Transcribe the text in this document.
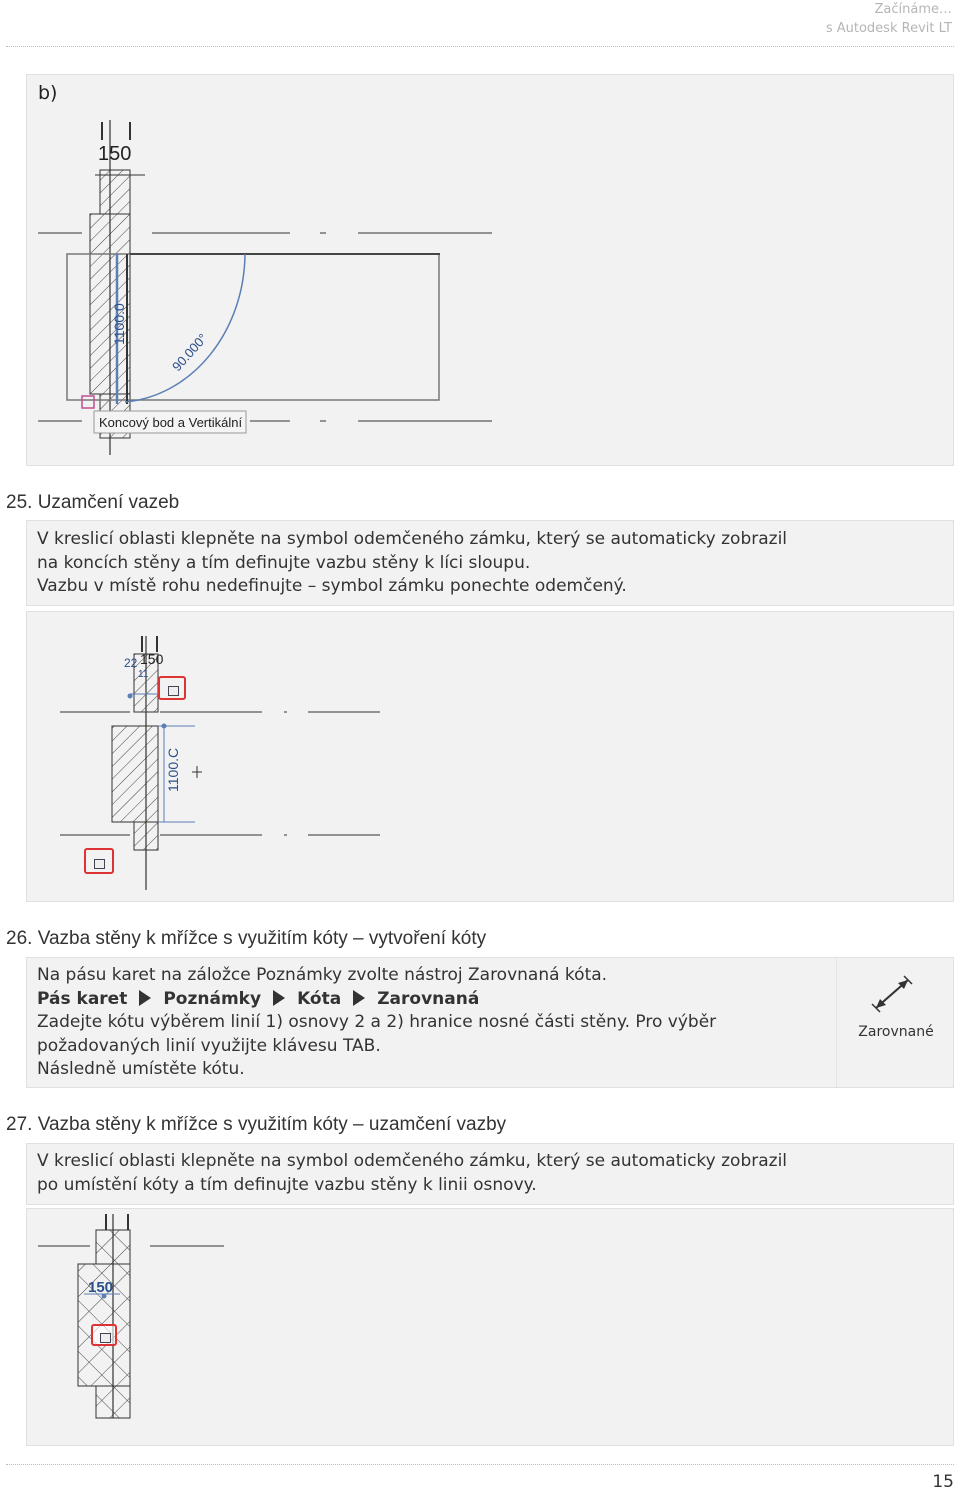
Začínáme…
s Autodesk Revit LT
b)
150
1100.0
90.000°
Koncový bod a Vertikální
25. Uzamčení vazeb
V kreslicí oblasti klepněte na symbol odemčeného zámku, který se automaticky zobrazil
na koncích stěny a tím definujte vazbu stěny k líci sloupu.
Vazbu v místě rohu nedefinujte – symbol zámku ponechte odemčený.
22 150
11
1100.C
26. Vazba stěny k mřížce s využitím kóty – vytvoření kóty
Na pásu karet na záložce Poznámky zvolte nástroj Zarovnaná kóta.
Pás karet Poznámky Kóta Zarovnaná
Zadejte kótu výběrem linií 1) osnovy 2 a 2) hranice nosné části stěny. Pro výběr
požadovaných linií využijte klávesu TAB.
Následně umístěte kótu.
Zarovnané
27. Vazba stěny k mřížce s využitím kóty – uzamčení vazby
V kreslicí oblasti klepněte na symbol odemčeného zámku, který se automaticky zobrazil
po umístění kóty a tím definujte vazbu stěny k linii osnovy.
150
15
